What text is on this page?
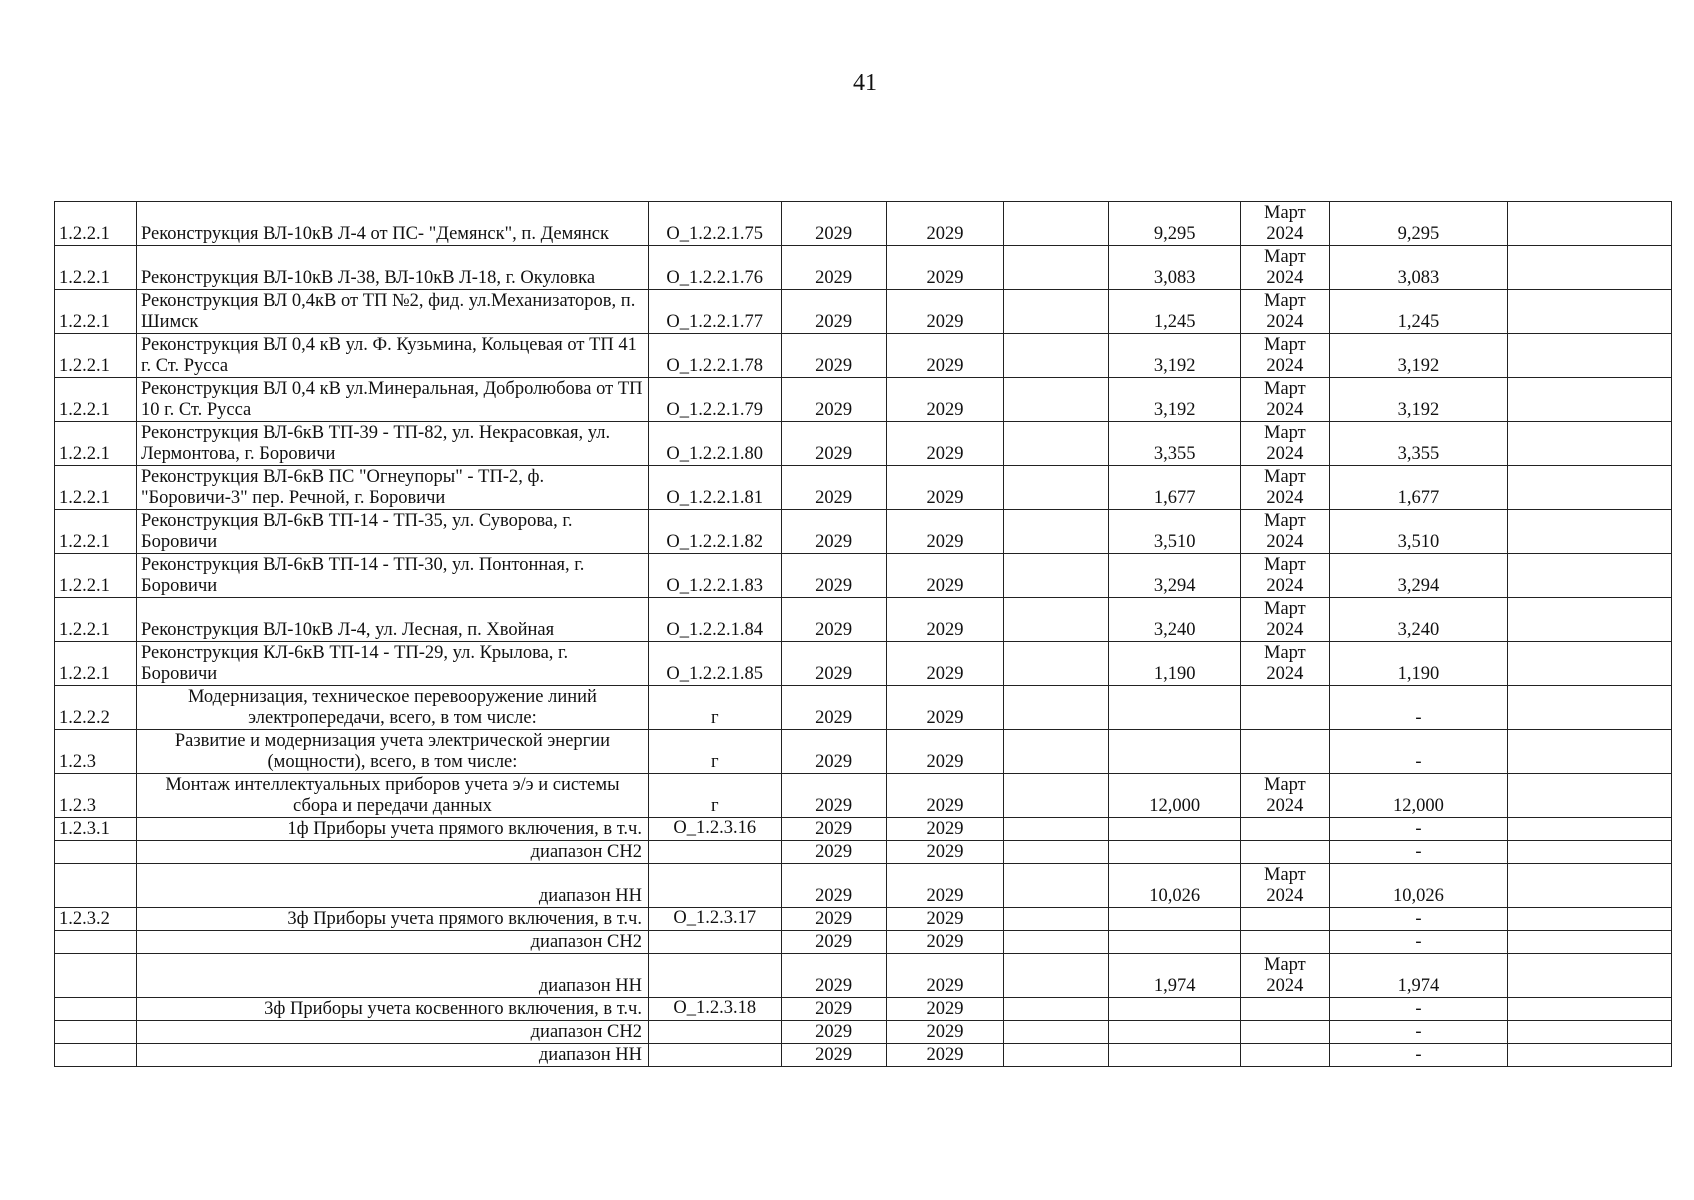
41
1.2.2.1	Реконструкция ВЛ-10кВ Л-4 от ПС- "Демянск", п. Демянск	О_1.2.2.1.75	2029	2029		9,295	Март 2024	9,295	
1.2.2.1	Реконструкция ВЛ-10кВ Л-38, ВЛ-10кВ Л-18, г. Окуловка	О_1.2.2.1.76	2029	2029		3,083	Март 2024	3,083	
1.2.2.1	Реконструкция ВЛ 0,4кВ от ТП №2, фид. ул.Механизаторов, п. Шимск	О_1.2.2.1.77	2029	2029		1,245	Март 2024	1,245	
1.2.2.1	Реконструкция ВЛ 0,4 кВ ул. Ф. Кузьмина, Кольцевая от ТП 41 г. Ст. Русса	О_1.2.2.1.78	2029	2029		3,192	Март 2024	3,192	
1.2.2.1	Реконструкция ВЛ 0,4 кВ ул.Минеральная, Добролюбова от ТП 10 г. Ст. Русса	О_1.2.2.1.79	2029	2029		3,192	Март 2024	3,192	
1.2.2.1	Реконструкция ВЛ-6кВ ТП-39 - ТП-82, ул. Некрасовкая, ул. Лермонтова, г. Боровичи	О_1.2.2.1.80	2029	2029		3,355	Март 2024	3,355	
1.2.2.1	Реконструкция ВЛ-6кВ ПС "Огнеупоры" - ТП-2, ф. "Боровичи-3" пер. Речной, г. Боровичи	О_1.2.2.1.81	2029	2029		1,677	Март 2024	1,677	
1.2.2.1	Реконструкция ВЛ-6кВ ТП-14 - ТП-35, ул. Суворова, г. Боровичи	О_1.2.2.1.82	2029	2029		3,510	Март 2024	3,510	
1.2.2.1	Реконструкция ВЛ-6кВ ТП-14 - ТП-30, ул. Понтонная, г. Боровичи	О_1.2.2.1.83	2029	2029		3,294	Март 2024	3,294	
1.2.2.1	Реконструкция ВЛ-10кВ Л-4, ул. Лесная, п. Хвойная	О_1.2.2.1.84	2029	2029		3,240	Март 2024	3,240	
1.2.2.1	Реконструкция КЛ-6кВ ТП-14 - ТП-29, ул. Крылова, г. Боровичи	О_1.2.2.1.85	2029	2029		1,190	Март 2024	1,190	
1.2.2.2	Модернизация, техническое перевооружение линий электропередачи, всего, в том числе:	г	2029	2029				-	
1.2.3	Развитие и модернизация учета электрической энергии (мощности), всего, в том числе:	г	2029	2029				-	
1.2.3	Монтаж интеллектуальных приборов учета э/э и системы сбора и передачи данных	г	2029	2029		12,000	Март 2024	12,000	
1.2.3.1	1ф Приборы учета прямого включения, в т.ч.	О_1.2.3.16	2029	2029				-	
	диапазон СН2		2029	2029				-	
	диапазон НН		2029	2029		10,026	Март 2024	10,026	
1.2.3.2	3ф Приборы учета прямого включения, в т.ч.	О_1.2.3.17	2029	2029				-	
	диапазон СН2		2029	2029				-	
	диапазон НН		2029	2029		1,974	Март 2024	1,974	
	3ф Приборы учета косвенного включения, в т.ч.	О_1.2.3.18	2029	2029				-	
	диапазон СН2		2029	2029				-	
	диапазон НН		2029	2029				-	
